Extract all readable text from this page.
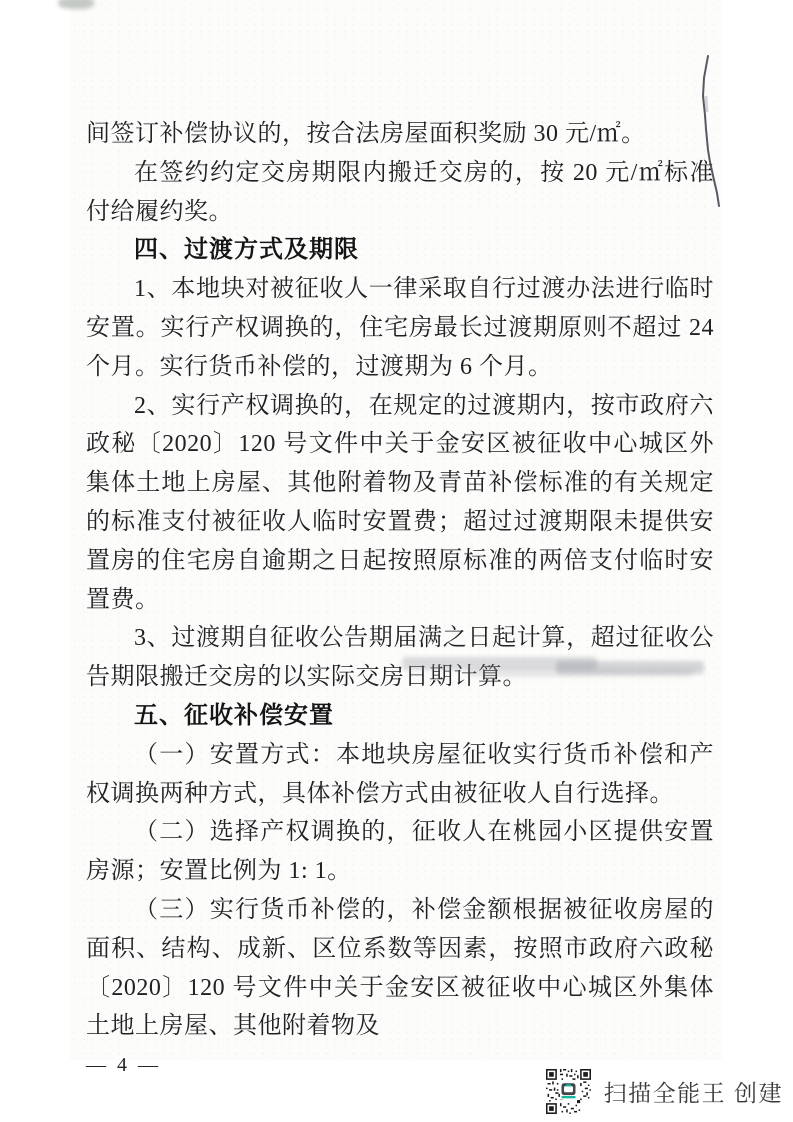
间签订补偿协议的，按合法房屋面积奖励 30 元/㎡。

在签约约定交房期限内搬迁交房的，按 20 元/㎡标准付给履约奖。

四、过渡方式及期限

1、本地块对被征收人一律采取自行过渡办法进行临时安置。实行产权调换的，住宅房最长过渡期原则不超过 24 个月。实行货币补偿的，过渡期为 6 个月。

2、实行产权调换的，在规定的过渡期内，按市政府六政秘〔2020〕120 号文件中关于金安区被征收中心城区外集体土地上房屋、其他附着物及青苗补偿标准的有关规定的标准支付被征收人临时安置费；超过过渡期限未提供安置房的住宅房自逾期之日起按照原标准的两倍支付临时安置费。

3、过渡期自征收公告期届满之日起计算，超过征收公告期限搬迁交房的以实际交房日期计算。

五、征收补偿安置

（一）安置方式：本地块房屋征收实行货币补偿和产权调换两种方式，具体补偿方式由被征收人自行选择。

（二）选择产权调换的，征收人在桃园小区提供安置房源；安置比例为 1: 1。

（三）实行货币补偿的，补偿金额根据被征收房屋的面积、结构、成新、区位系数等因素，按照市政府六政秘〔2020〕120 号文件中关于金安区被征收中心城区外集体土地上房屋、其他附着物及

— 4 —

扫描全能王 创建
